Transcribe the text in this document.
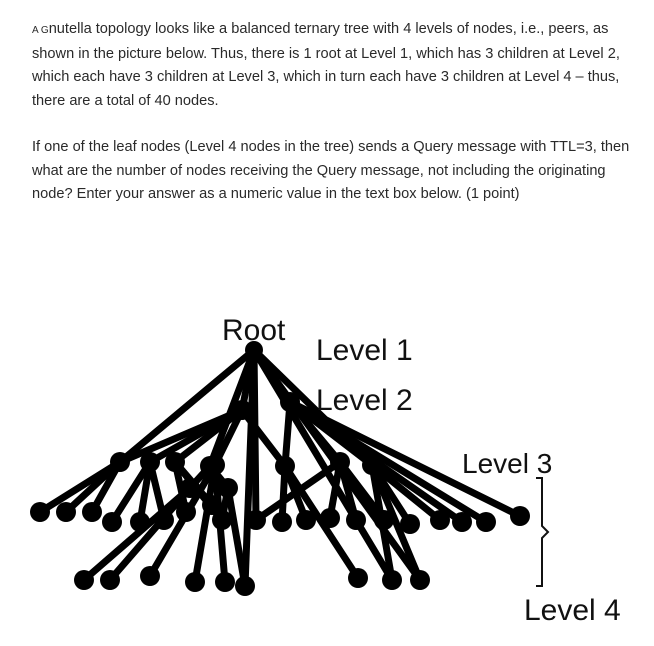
A Gnutella topology looks like a balanced ternary tree with 4 levels of nodes, i.e., peers, as shown in the picture below. Thus, there is 1 root at Level 1, which has 3 children at Level 2, which each have 3 children at Level 3, which in turn each have 3 children at Level 4 – thus, there are a total of 40 nodes.

If one of the leaf nodes (Level 4 nodes in the tree) sends a Query message with TTL=3, then what are the number of nodes receiving the Query message, not including the originating node? Enter your answer as a numeric value in the text box below. (1 point)

Root
Level 1
Level 2
Level 3
Level 4
